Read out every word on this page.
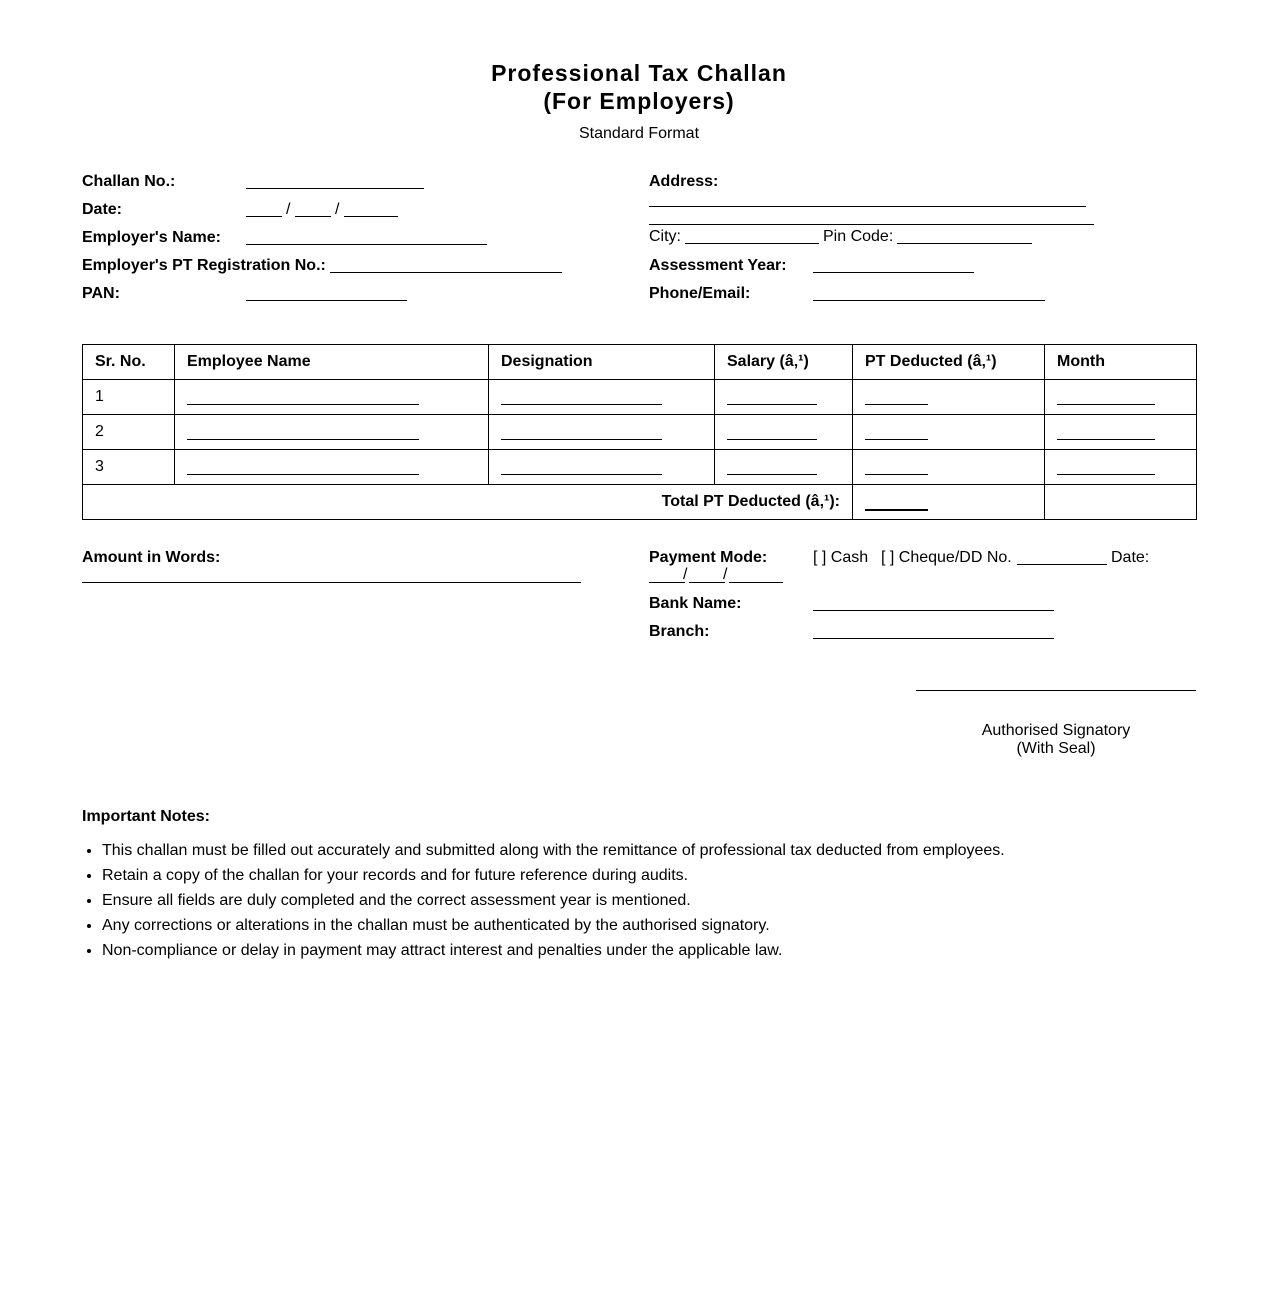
Professional Tax Challan
(For Employers)
Standard Format
Challan No.:
Date:	/	/
Employer's Name:
Employer's PT Registration No.:
PAN:
Address:
City:	Pin Code:
Assessment Year:
Phone/Email:
Sr. No.	Employee Name	Designation	Salary (â‚¹)	PT Deducted (â‚¹)	Month
1					
2					
3					
Total PT Deducted (â‚¹):					
Amount in Words:	Payment Mode:	[ ] Cash [ ] Cheque/DD No.	Date:
/ /
Bank Name:
Branch:
Authorised Signatory
(With Seal)
Important Notes:
• This challan must be filled out accurately and submitted along with the remittance of professional tax deducted from employees.
• Retain a copy of the challan for your records and for future reference during audits.
• Ensure all fields are duly completed and the correct assessment year is mentioned.
• Any corrections or alterations in the challan must be authenticated by the authorised signatory.
• Non-compliance or delay in payment may attract interest and penalties under the applicable law.
